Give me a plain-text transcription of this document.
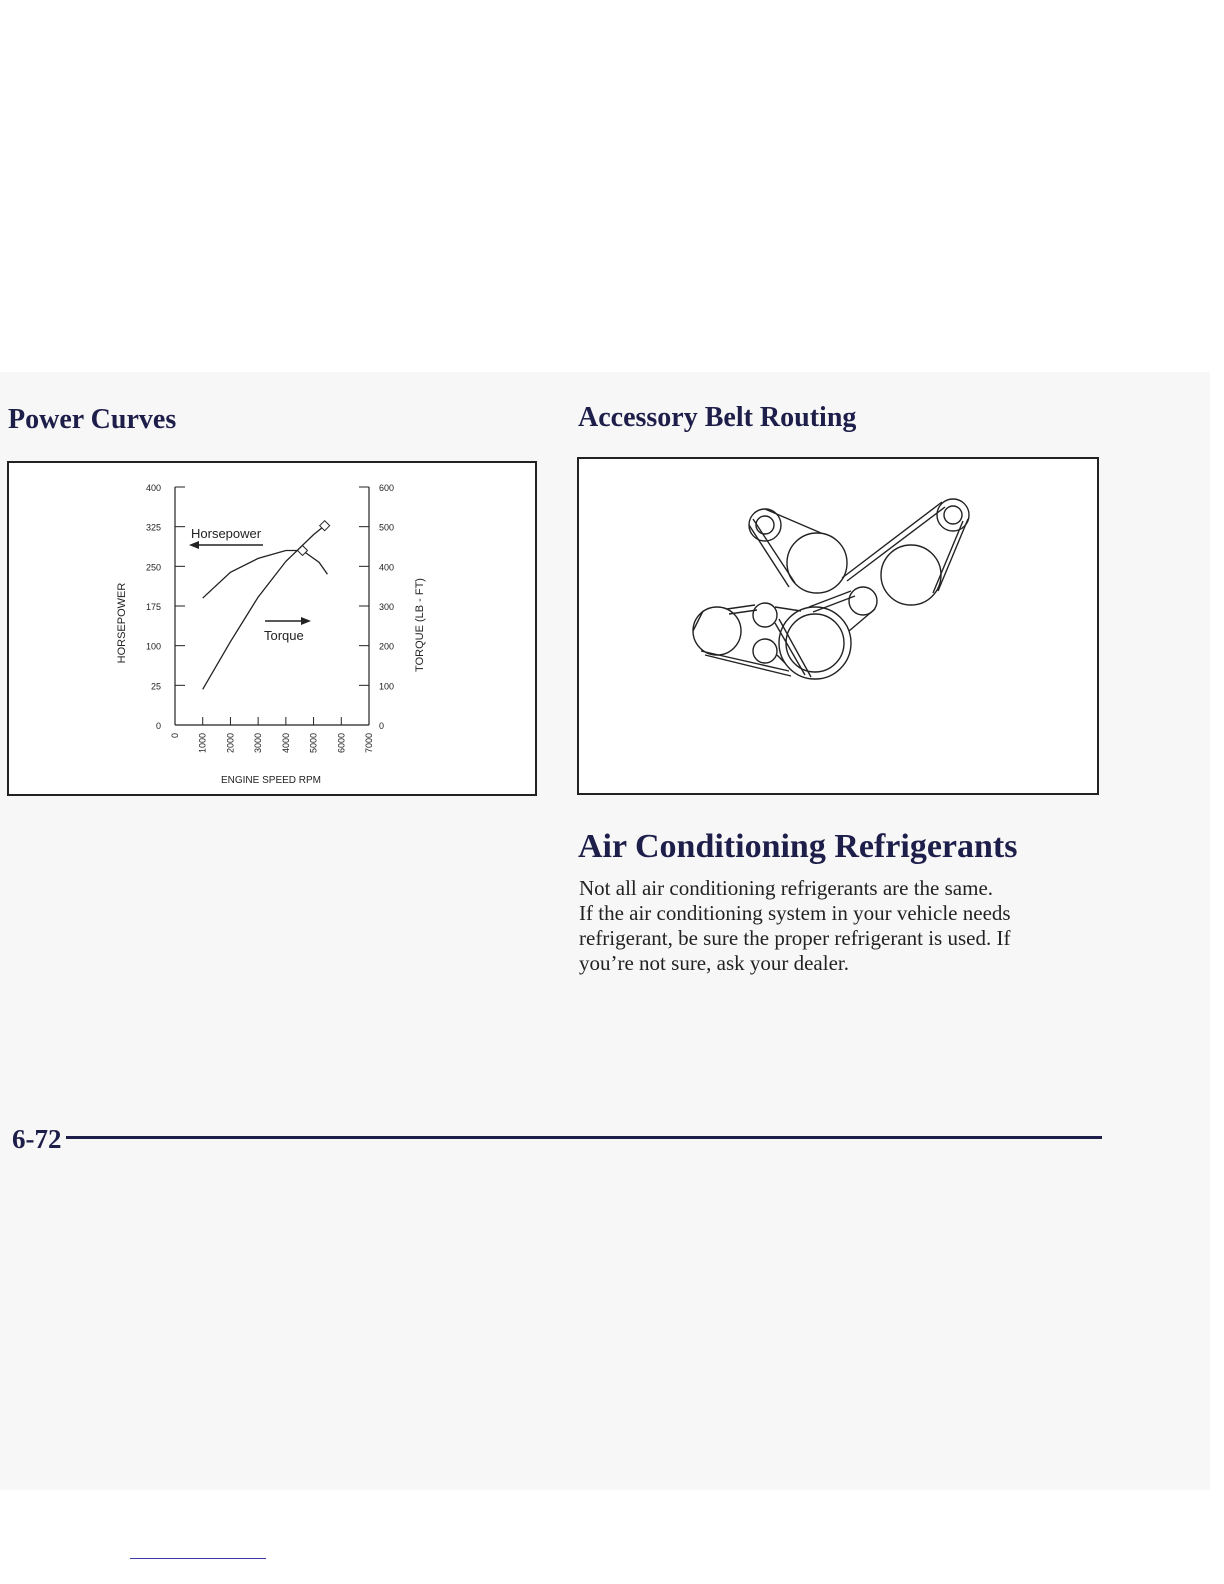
Power Curves	Accessory Belt Routing
0
25
100
175
250
325
400
0
100
200
300
400
500
600
0 1000 2000 3000 4000 5000 6000 7000
HORSEPOWER	TORQUE (LB - FT)
ENGINE SPEED RPM
Horsepower
Torque
Air Conditioning Refrigerants
Not all air conditioning refrigerants are the same.
If the air conditioning system in your vehicle needs
refrigerant, be sure the proper refrigerant is used. If
you’re not sure, ask your dealer.
6-72
